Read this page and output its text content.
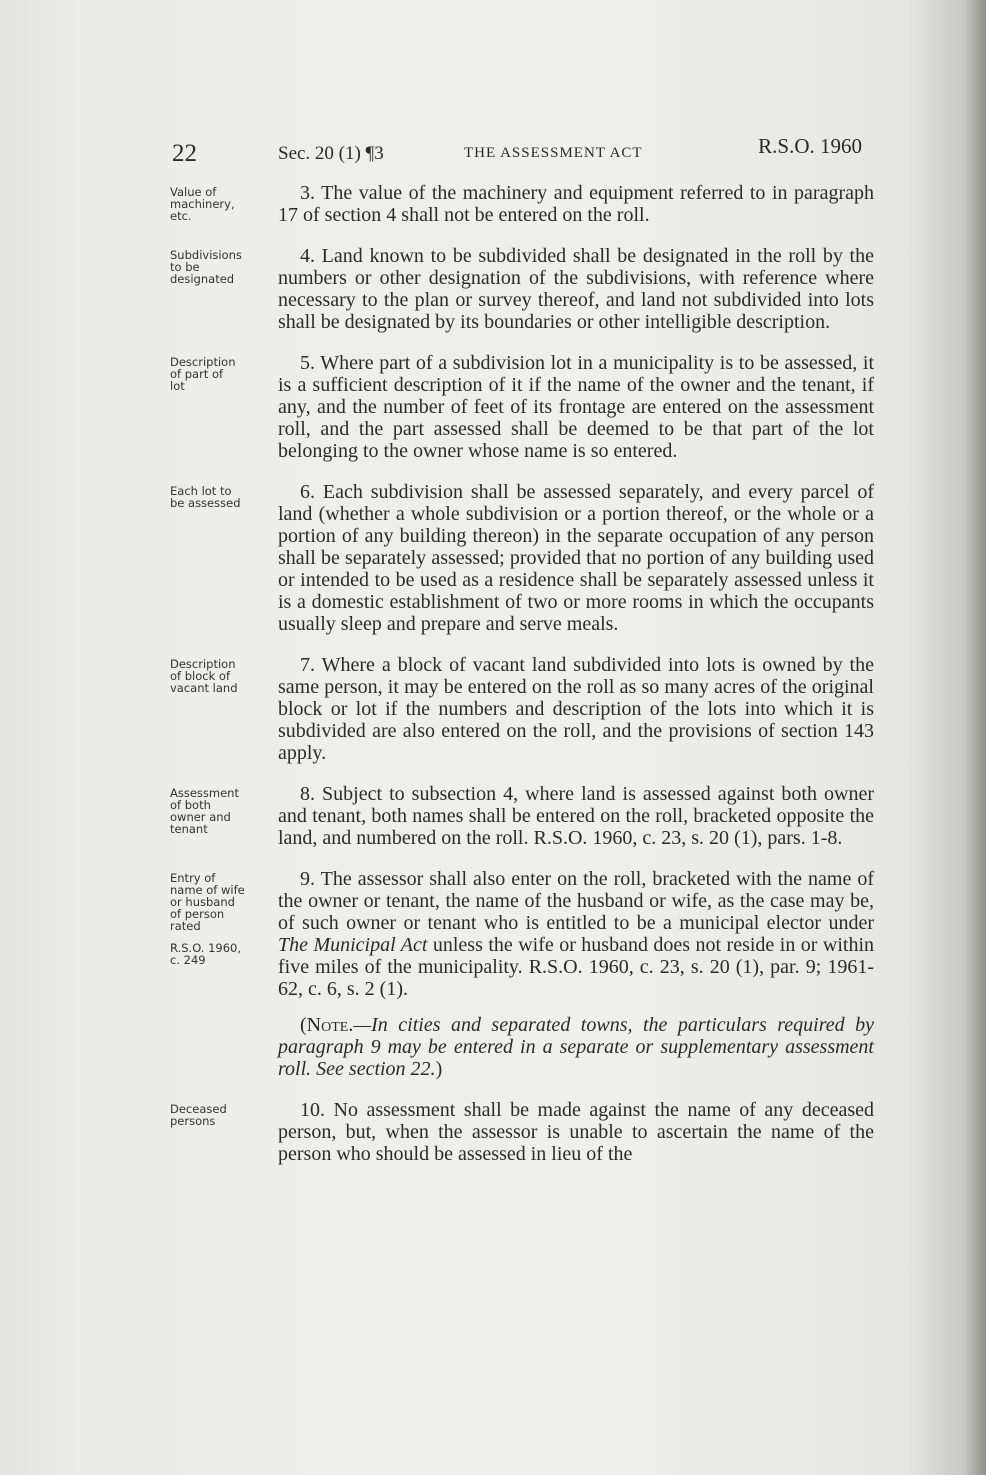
22	Sec. 20 (1) ¶3	THE ASSESSMENT ACT	R.S.O. 1960
Value of
machinery,
etc.

3. The value of the machinery and equipment referred to in paragraph 17 of section 4 shall not be entered on the roll.

Subdivisions
to be
designated

4. Land known to be subdivided shall be designated in the roll by the numbers or other designation of the subdivisions, with reference where necessary to the plan or survey thereof, and land not subdivided into lots shall be designated by its boundaries or other intelligible description.

Description
of part of
lot

5. Where part of a subdivision lot in a municipality is to be assessed, it is a sufficient description of it if the name of the owner and the tenant, if any, and the number of feet of its frontage are entered on the assessment roll, and the part assessed shall be deemed to be that part of the lot belonging to the owner whose name is so entered.

Each lot to
be assessed	6. Each subdivision shall be assessed separately, and every parcel of land (whether a whole subdivision or a portion thereof, or the whole or a portion of any building thereon) in the separate occupation of any person shall be separately assessed; provided that no portion of any building used or intended to be used as a residence shall be separately assessed unless it is a domestic establishment of two or more rooms in which the occupants usually sleep and prepare and serve meals.

Description
of block of
vacant land

7. Where a block of vacant land subdivided into lots is owned by the same person, it may be entered on the roll as so many acres of the original block or lot if the numbers and description of the lots into which it is subdivided are also entered on the roll, and the provisions of section 143 apply.

Assessment
of both
owner and
tenant

8. Subject to subsection 4, where land is assessed against both owner and tenant, both names shall be entered on the roll, bracketed opposite the land, and numbered on the roll. R.S.O. 1960, c. 23, s. 20 (1), pars. 1-8.

Entry of
name of wife
or husband
of person
rated
R.S.O. 1960,
c. 249

9. The assessor shall also enter on the roll, bracketed with the name of the owner or tenant, the name of the husband or wife, as the case may be, of such owner or tenant who is entitled to be a municipal elector under The Municipal Act unless the wife or husband does not reside in or within five miles of the municipality. R.S.O. 1960, c. 23, s. 20 (1), par. 9; 1961-62, c. 6, s. 2 (1).

(Note.—In cities and separated towns, the particulars required by paragraph 9 may be entered in a separate or supplementary assessment roll. See section 22.)

Deceased
persons	10. No assessment shall be made against the name of any deceased person, but, when the assessor is unable to ascertain the name of the person who should be assessed in lieu of the
